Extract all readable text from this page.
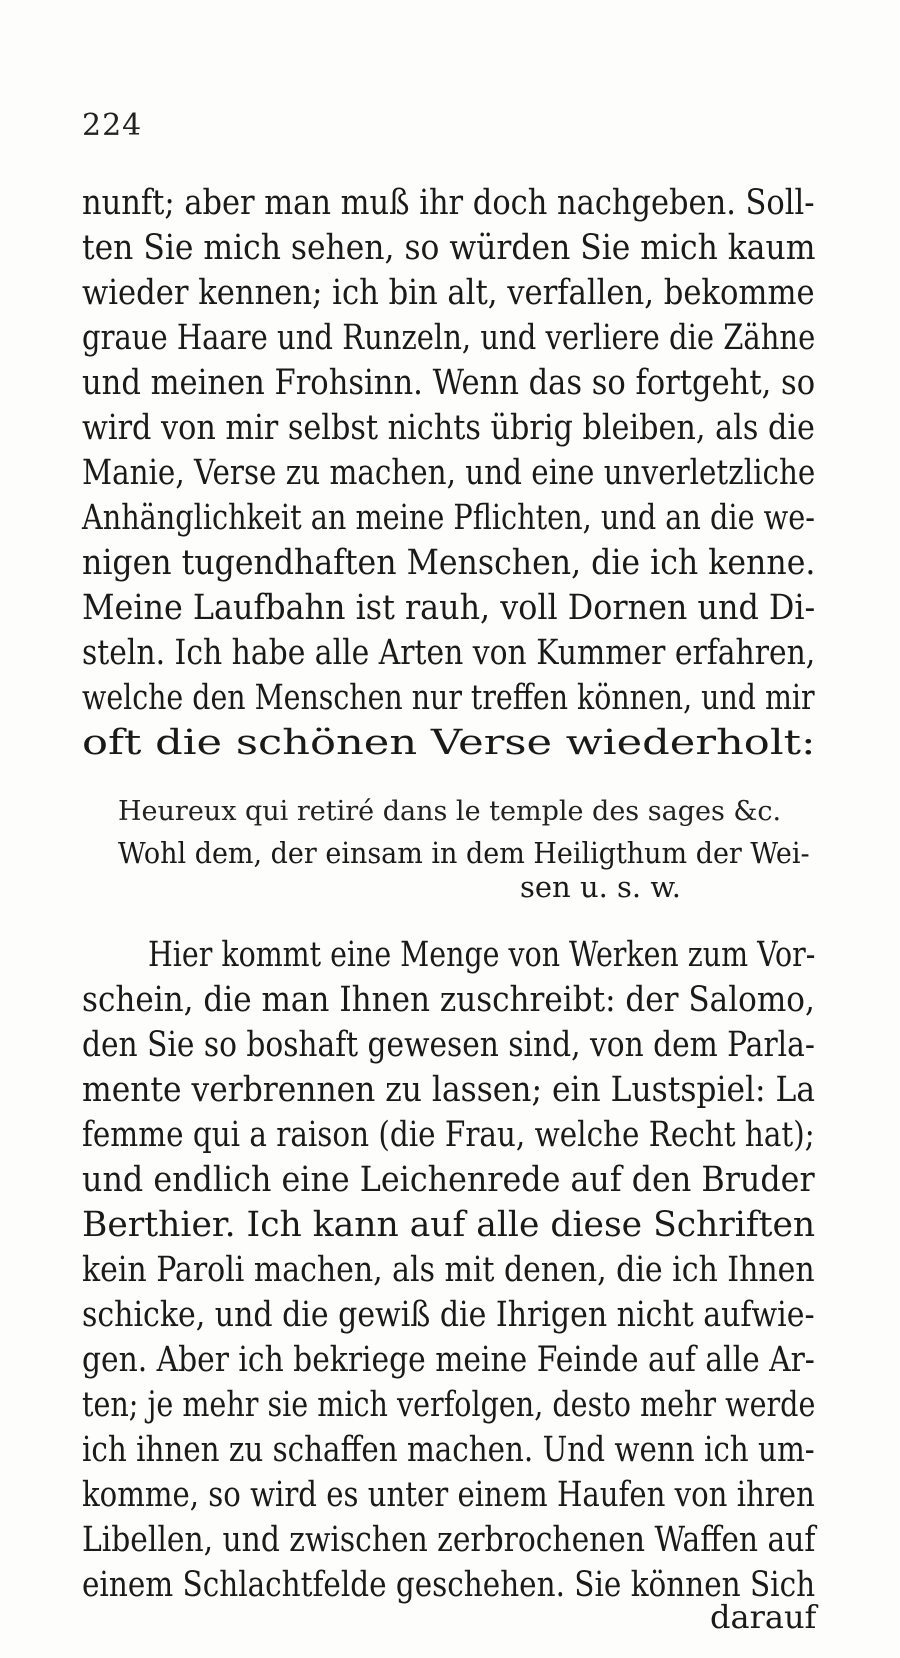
224
nunft; aber man muß ihr doch nachgeben. Soll-
ten Sie mich sehen, so würden Sie mich kaum
wieder kennen; ich bin alt, verfallen, bekomme
graue Haare und Runzeln, und verliere die Zähne
und meinen Frohsinn. Wenn das so fortgeht, so
wird von mir selbst nichts übrig bleiben, als die
Manie, Verse zu machen, und eine unverletzliche
Anhänglichkeit an meine Pflichten, und an die we-
nigen tugendhaften Menschen, die ich kenne.
Meine Laufbahn ist rauh, voll Dornen und Di-
steln. Ich habe alle Arten von Kummer erfahren,
welche den Menschen nur treffen können, und mir
oft die schönen Verse wiederholt:
Heureux qui retiré dans le temple des sages &c.
Wohl dem, der einsam in dem Heiligthum der Wei-
sen u. s. w.
Hier kommt eine Menge von Werken zum Vor-
schein, die man Ihnen zuschreibt: der Salomo,
den Sie so boshaft gewesen sind, von dem Parla-
mente verbrennen zu lassen; ein Lustspiel: La
femme qui a raison (die Frau, welche Recht hat);
und endlich eine Leichenrede auf den Bruder
Berthier. Ich kann auf alle diese Schriften
kein Paroli machen, als mit denen, die ich Ihnen
schicke, und die gewiß die Ihrigen nicht aufwie-
gen. Aber ich bekriege meine Feinde auf alle Ar-
ten; je mehr sie mich verfolgen, desto mehr werde
ich ihnen zu schaffen machen. Und wenn ich um-
komme, so wird es unter einem Haufen von ihren
Libellen, und zwischen zerbrochenen Waffen auf
einem Schlachtfelde geschehen. Sie können Sich
darauf
